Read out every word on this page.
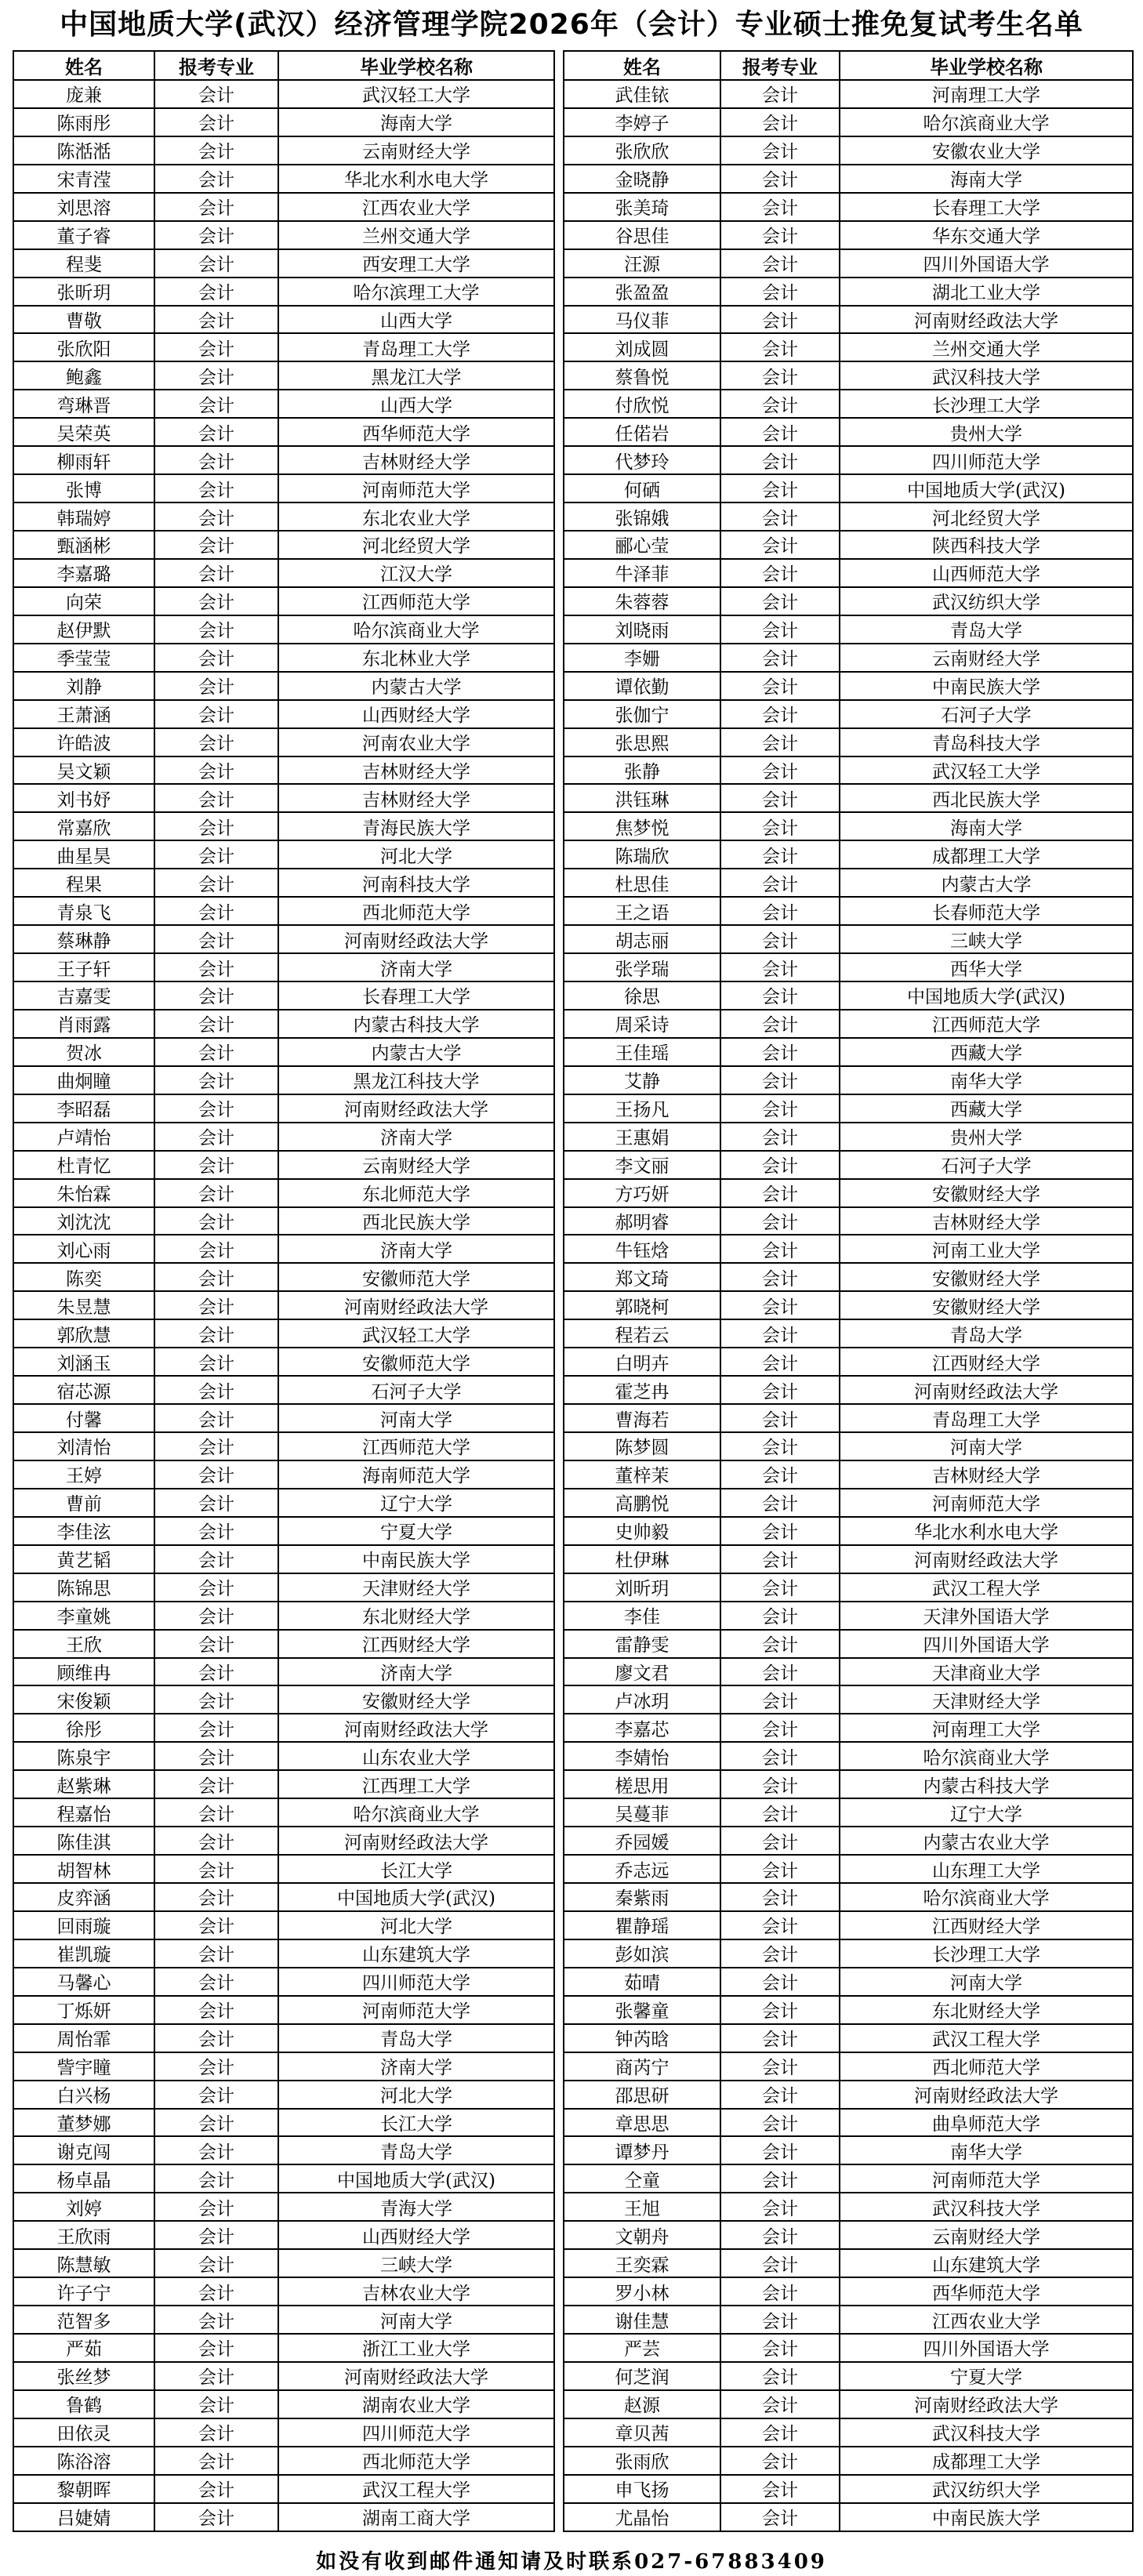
中国地质大学(武汉）经济管理学院2026年（会计）专业硕士推免复试考生名单
姓名	报考专业	毕业学校名称
庞兼	会计	武汉轻工大学
陈雨彤	会计	海南大学
陈湉湉	会计	云南财经大学
宋青滢	会计	华北水利水电大学
刘思溶	会计	江西农业大学
董子睿	会计	兰州交通大学
程斐	会计	西安理工大学
张昕玥	会计	哈尔滨理工大学
曹敬	会计	山西大学
张欣阳	会计	青岛理工大学
鲍鑫	会计	黑龙江大学
弯琳晋	会计	山西大学
吴荣英	会计	西华师范大学
柳雨轩	会计	吉林财经大学
张博	会计	河南师范大学
韩瑞婷	会计	东北农业大学
甄涵彬	会计	河北经贸大学
李嘉璐	会计	江汉大学
向荣	会计	江西师范大学
赵伊默	会计	哈尔滨商业大学
季莹莹	会计	东北林业大学
刘静	会计	内蒙古大学
王萧涵	会计	山西财经大学
许皓波	会计	河南农业大学
吴文颖	会计	吉林财经大学
刘书妤	会计	吉林财经大学
常嘉欣	会计	青海民族大学
曲星昊	会计	河北大学
程果	会计	河南科技大学
青泉飞	会计	西北师范大学
蔡琳静	会计	河南财经政法大学
王子轩	会计	济南大学
吉嘉雯	会计	长春理工大学
肖雨露	会计	内蒙古科技大学
贺冰	会计	内蒙古大学
曲炯瞳	会计	黑龙江科技大学
李昭磊	会计	河南财经政法大学
卢靖怡	会计	济南大学
杜青忆	会计	云南财经大学
朱怡霖	会计	东北师范大学
刘沈沈	会计	西北民族大学
刘心雨	会计	济南大学
陈奕	会计	安徽师范大学
朱昱慧	会计	河南财经政法大学
郭欣慧	会计	武汉轻工大学
刘涵玉	会计	安徽师范大学
宿芯源	会计	石河子大学
付馨	会计	河南大学
刘清怡	会计	江西师范大学
王婷	会计	海南师范大学
曹前	会计	辽宁大学
李佳泫	会计	宁夏大学
黄艺韬	会计	中南民族大学
陈锦思	会计	天津财经大学
李童姚	会计	东北财经大学
王欣	会计	江西财经大学
顾维冉	会计	济南大学
宋俊颖	会计	安徽财经大学
徐彤	会计	河南财经政法大学
陈泉宇	会计	山东农业大学
赵紫琳	会计	江西理工大学
程嘉怡	会计	哈尔滨商业大学
陈佳淇	会计	河南财经政法大学
胡智林	会计	长江大学
皮弈涵	会计	中国地质大学(武汉)
回雨璇	会计	河北大学
崔凯璇	会计	山东建筑大学
马馨心	会计	四川师范大学
丁烁妍	会计	河南师范大学
周怡霏	会计	青岛大学
訾宇瞳	会计	济南大学
白兴杨	会计	河北大学
董梦娜	会计	长江大学
谢克闯	会计	青岛大学
杨卓晶	会计	中国地质大学(武汉)
刘婷	会计	青海大学
王欣雨	会计	山西财经大学
陈慧敏	会计	三峡大学
许子宁	会计	吉林农业大学
范智多	会计	河南大学
严茹	会计	浙江工业大学
张丝梦	会计	河南财经政法大学
鲁鹤	会计	湖南农业大学
田依灵	会计	四川师范大学
陈浴溶	会计	西北师范大学
黎朝晖	会计	武汉工程大学
吕婕婧	会计	湖南工商大学
姓名	报考专业	毕业学校名称
武佳铱	会计	河南理工大学
李婷子	会计	哈尔滨商业大学
张欣欣	会计	安徽农业大学
金晓静	会计	海南大学
张美琦	会计	长春理工大学
谷思佳	会计	华东交通大学
汪源	会计	四川外国语大学
张盈盈	会计	湖北工业大学
马仪菲	会计	河南财经政法大学
刘成圆	会计	兰州交通大学
蔡鲁悦	会计	武汉科技大学
付欣悦	会计	长沙理工大学
任偌岩	会计	贵州大学
代梦玲	会计	四川师范大学
何硒	会计	中国地质大学(武汉)
张锦娥	会计	河北经贸大学
郦心莹	会计	陕西科技大学
牛泽菲	会计	山西师范大学
朱蓉蓉	会计	武汉纺织大学
刘晓雨	会计	青岛大学
李姗	会计	云南财经大学
谭依勤	会计	中南民族大学
张伽宁	会计	石河子大学
张思熙	会计	青岛科技大学
张静	会计	武汉轻工大学
洪钰琳	会计	西北民族大学
焦梦悦	会计	海南大学
陈瑞欣	会计	成都理工大学
杜思佳	会计	内蒙古大学
王之语	会计	长春师范大学
胡志丽	会计	三峡大学
张学瑞	会计	西华大学
徐思	会计	中国地质大学(武汉)
周采诗	会计	江西师范大学
王佳瑶	会计	西藏大学
艾静	会计	南华大学
王扬凡	会计	西藏大学
王惠娟	会计	贵州大学
李文丽	会计	石河子大学
方巧妍	会计	安徽财经大学
郝明睿	会计	吉林财经大学
牛钰焓	会计	河南工业大学
郑文琦	会计	安徽财经大学
郭晓柯	会计	安徽财经大学
程若云	会计	青岛大学
白明卉	会计	江西财经大学
霍芝冉	会计	河南财经政法大学
曹海若	会计	青岛理工大学
陈梦圆	会计	河南大学
董梓茉	会计	吉林财经大学
高鹏悦	会计	河南师范大学
史帅毅	会计	华北水利水电大学
杜伊琳	会计	河南财经政法大学
刘昕玥	会计	武汉工程大学
李佳	会计	天津外国语大学
雷静雯	会计	四川外国语大学
廖文君	会计	天津商业大学
卢冰玥	会计	天津财经大学
李嘉芯	会计	河南理工大学
李婧怡	会计	哈尔滨商业大学
槎思用	会计	内蒙古科技大学
吴蔓菲	会计	辽宁大学
乔园媛	会计	内蒙古农业大学
乔志远	会计	山东理工大学
秦紫雨	会计	哈尔滨商业大学
瞿静瑶	会计	江西财经大学
彭如滨	会计	长沙理工大学
茹晴	会计	河南大学
张馨童	会计	东北财经大学
钟芮晗	会计	武汉工程大学
商芮宁	会计	西北师范大学
邵思研	会计	河南财经政法大学
章思思	会计	曲阜师范大学
谭梦丹	会计	南华大学
仝童	会计	河南师范大学
王旭	会计	武汉科技大学
文朝舟	会计	云南财经大学
王奕霖	会计	山东建筑大学
罗小林	会计	西华师范大学
谢佳慧	会计	江西农业大学
严芸	会计	四川外国语大学
何芝润	会计	宁夏大学
赵源	会计	河南财经政法大学
章贝茜	会计	武汉科技大学
张雨欣	会计	成都理工大学
申飞扬	会计	武汉纺织大学
尤晶怡	会计	中南民族大学
如没有收到邮件通知请及时联系027-67883409
